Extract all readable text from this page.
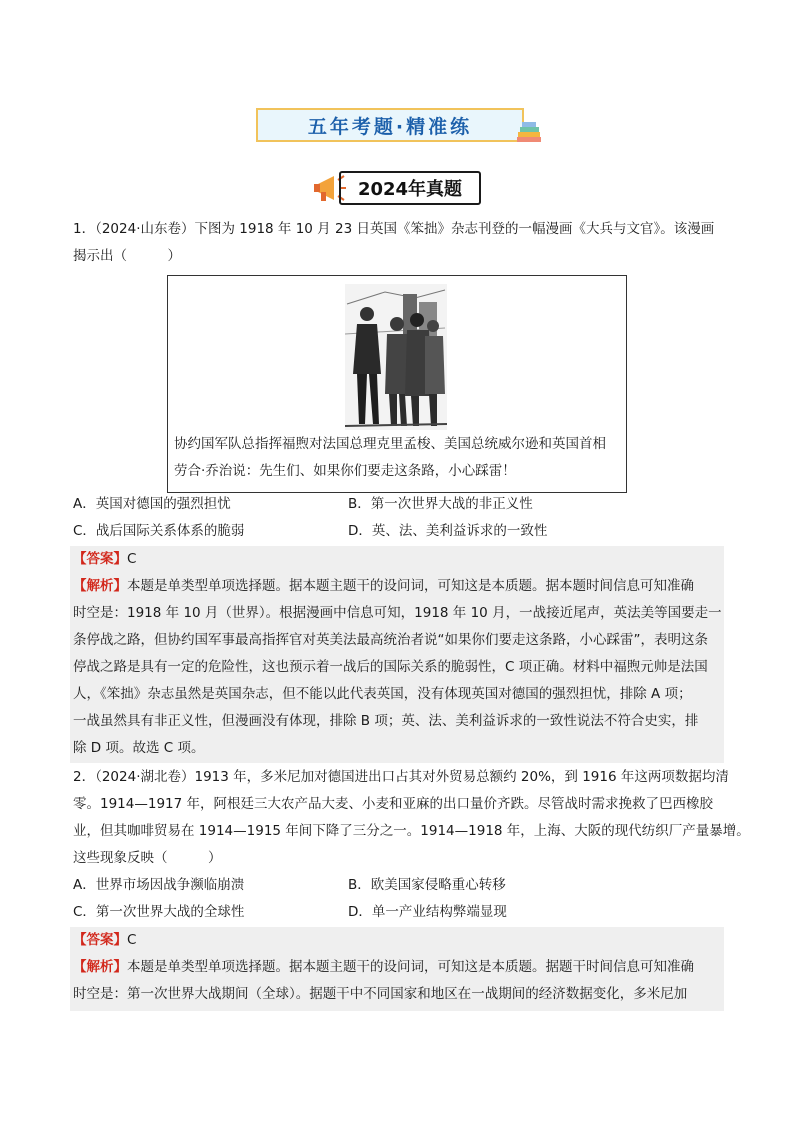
五年考题·精准练
2024年真题
1．（2024·山东卷）下图为 1918 年 10 月 23 日英国《笨拙》杂志刊登的一幅漫画《大兵与文官》。该漫画
揭示出（　　　）
协约国军队总指挥福煦对法国总理克里孟梭、美国总统威尔逊和英国首相
劳合·乔治说：先生们、如果你们要走这条路，小心踩雷！
A．英国对德国的强烈担忧	B．第一次世界大战的非正义性
C．战后国际关系体系的脆弱	D．英、法、美利益诉求的一致性
【答案】C
【解析】本题是单类型单项选择题。据本题主题干的设问词，可知这是本质题。据本题时间信息可知准确
时空是：1918 年 10 月（世界）。根据漫画中信息可知，1918 年 10 月，一战接近尾声，英法美等国要走一
条停战之路，但协约国军事最高指挥官对英美法最高统治者说“如果你们要走这条路，小心踩雷”，表明这条
停战之路是具有一定的危险性，这也预示着一战后的国际关系的脆弱性，C 项正确。材料中福煦元帅是法国
人，《笨拙》杂志虽然是英国杂志，但不能以此代表英国，没有体现英国对德国的强烈担忧，排除 A 项；
一战虽然具有非正义性，但漫画没有体现，排除 B 项；英、法、美利益诉求的一致性说法不符合史实，排
除 D 项。故选 C 项。
2．（2024·湖北卷）1913 年，多米尼加对德国进出口占其对外贸易总额约 20%，到 1916 年这两项数据均清
零。1914—1917 年，阿根廷三大农产品大麦、小麦和亚麻的出口量价齐跌。尽管战时需求挽救了巴西橡胶
业，但其咖啡贸易在 1914—1915 年间下降了三分之一。1914—1918 年，上海、大阪的现代纺织厂产量暴增。
这些现象反映（　　　）
A．世界市场因战争濒临崩溃	B．欧美国家侵略重心转移
C．第一次世界大战的全球性	D．单一产业结构弊端显现
【答案】C
【解析】本题是单类型单项选择题。据本题主题干的设问词，可知这是本质题。据题干时间信息可知准确
时空是：第一次世界大战期间（全球）。据题干中不同国家和地区在一战期间的经济数据变化，多米尼加
